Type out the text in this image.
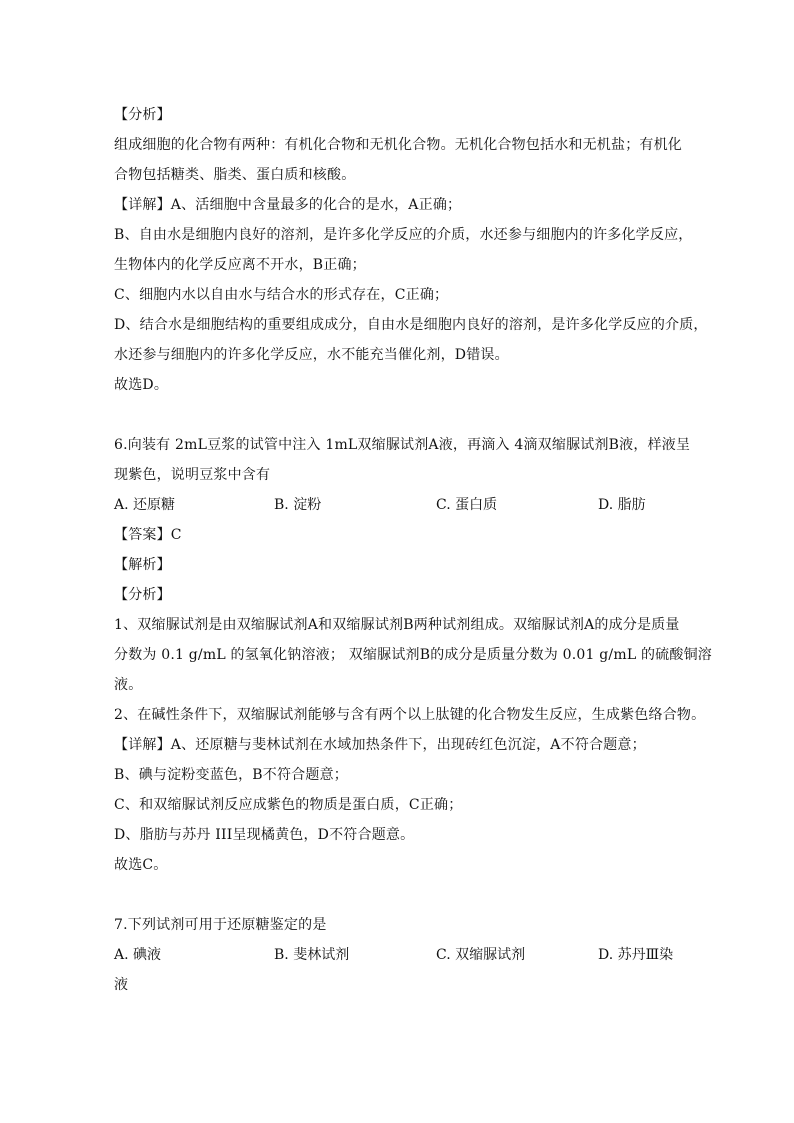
【分析】
组成细胞的化合物有两种：有机化合物和无机化合物。无机化合物包括水和无机盐；有机化
合物包括糖类、脂类、蛋白质和核酸。
【详解】A、活细胞中含量最多的化合的是水，A正确；
B、自由水是细胞内良好的溶剂，是许多化学反应的介质，水还参与细胞内的许多化学反应，
生物体内的化学反应离不开水，B正确；
C、细胞内水以自由水与结合水的形式存在，C正确；
D、结合水是细胞结构的重要组成成分，自由水是细胞内良好的溶剂，是许多化学反应的介质，
水还参与细胞内的许多化学反应，水不能充当催化剂，D错误。
故选D。
6.向装有 2mL豆浆的试管中注入 1mL双缩脲试剂A液，再滴入 4滴双缩脲试剂B液，样液呈
现紫色，说明豆浆中含有
A. 还原糖	B. 淀粉	C. 蛋白质	D. 脂肪
【答案】C
【解析】
【分析】
1、双缩脲试剂是由双缩脲试剂A和双缩脲试剂B两种试剂组成。双缩脲试剂A的成分是质量
分数为 0.1 g/mL 的氢氧化钠溶液； 双缩脲试剂B的成分是质量分数为 0.01 g/mL 的硫酸铜溶
液。
2、在碱性条件下，双缩脲试剂能够与含有两个以上肽键的化合物发生反应，生成紫色络合物。
【详解】A、还原糖与斐林试剂在水域加热条件下，出现砖红色沉淀，A不符合题意；
B、碘与淀粉变蓝色，B不符合题意；
C、和双缩脲试剂反应成紫色的物质是蛋白质，C正确；
D、脂肪与苏丹 III呈现橘黄色，D不符合题意。
故选C。
7.下列试剂可用于还原糖鉴定的是
A. 碘液	B. 斐林试剂	C. 双缩脲试剂	D. 苏丹Ⅲ染
液
